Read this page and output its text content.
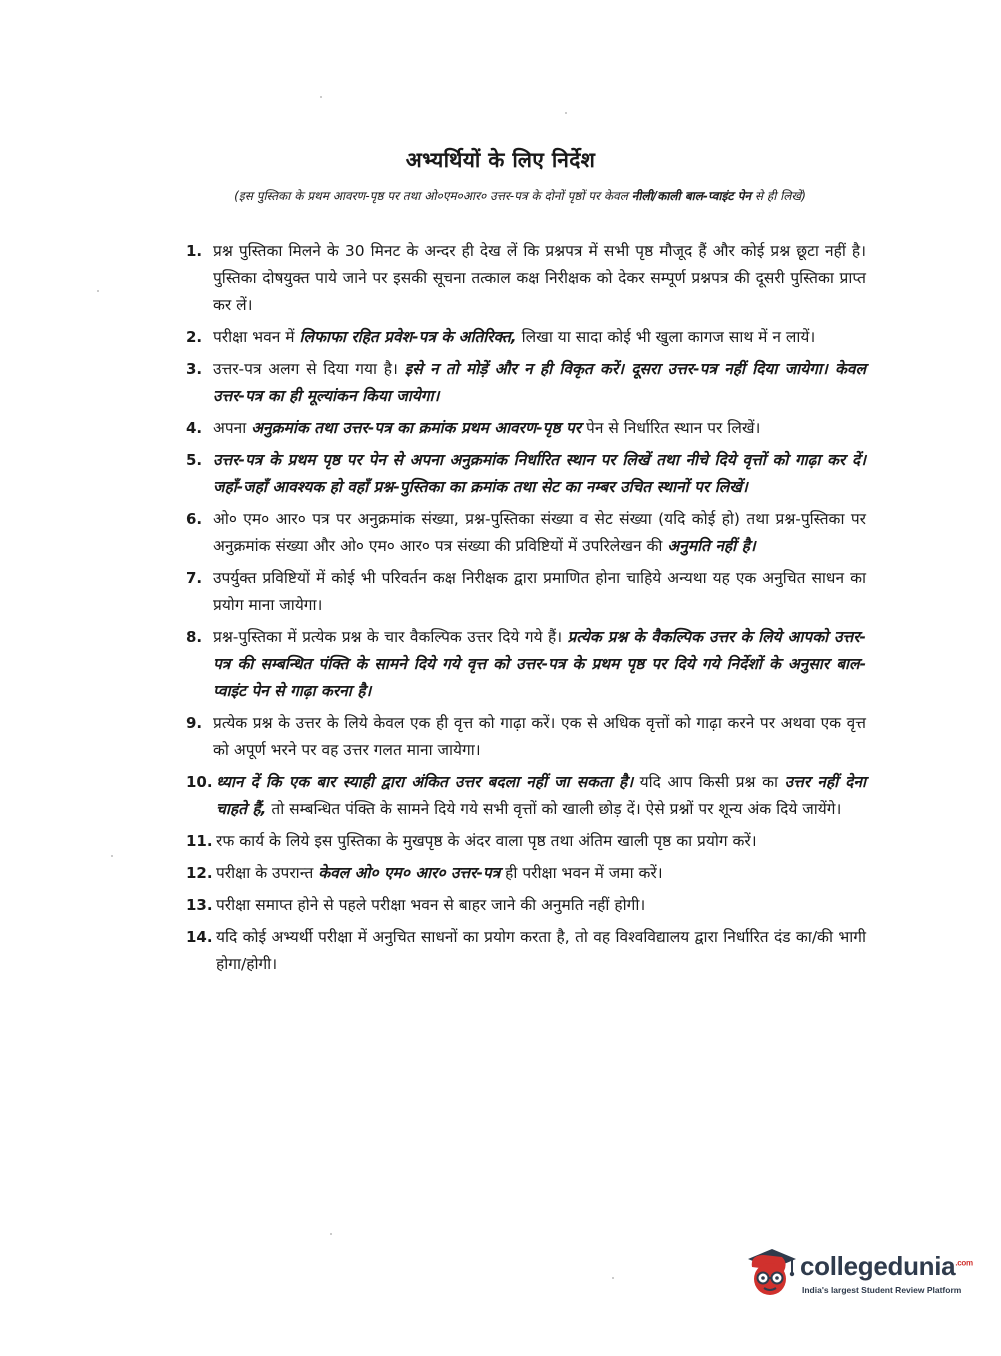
अभ्यर्थियों के लिए निर्देश
(इस पुस्तिका के प्रथम आवरण-पृष्ठ पर तथा ओ०एम०आर० उत्तर-पत्र के दोनों पृष्ठों पर केवल नीली/काली बाल-प्वाइंट पेन से ही लिखें)
1. प्रश्न पुस्तिका मिलने के 30 मिनट के अन्दर ही देख लें कि प्रश्नपत्र में सभी पृष्ठ मौजूद हैं और कोई प्रश्न छूटा नहीं है। पुस्तिका दोषयुक्त पाये जाने पर इसकी सूचना तत्काल कक्ष निरीक्षक को देकर सम्पूर्ण प्रश्नपत्र की दूसरी पुस्तिका प्राप्त कर लें।
2. परीक्षा भवन में लिफाफा रहित प्रवेश-पत्र के अतिरिक्त, लिखा या सादा कोई भी खुला कागज साथ में न लायें।
3. उत्तर-पत्र अलग से दिया गया है। इसे न तो मोड़ें और न ही विकृत करें। दूसरा उत्तर-पत्र नहीं दिया जायेगा। केवल उत्तर-पत्र का ही मूल्यांकन किया जायेगा।
4. अपना अनुक्रमांक तथा उत्तर-पत्र का क्रमांक प्रथम आवरण-पृष्ठ पर पेन से निर्धारित स्थान पर लिखें।
5. उत्तर-पत्र के प्रथम पृष्ठ पर पेन से अपना अनुक्रमांक निर्धारित स्थान पर लिखें तथा नीचे दिये वृत्तों को गाढ़ा कर दें। जहाँ-जहाँ आवश्यक हो वहाँ प्रश्न-पुस्तिका का क्रमांक तथा सेट का नम्बर उचित स्थानों पर लिखें।
6. ओ० एम० आर० पत्र पर अनुक्रमांक संख्या, प्रश्न-पुस्तिका संख्या व सेट संख्या (यदि कोई हो) तथा प्रश्न-पुस्तिका पर अनुक्रमांक संख्या और ओ० एम० आर० पत्र संख्या की प्रविष्टियों में उपरिलेखन की अनुमति नहीं है।
7. उपर्युक्त प्रविष्टियों में कोई भी परिवर्तन कक्ष निरीक्षक द्वारा प्रमाणित होना चाहिये अन्यथा यह एक अनुचित साधन का प्रयोग माना जायेगा।
8. प्रश्न-पुस्तिका में प्रत्येक प्रश्न के चार वैकल्पिक उत्तर दिये गये हैं। प्रत्येक प्रश्न के वैकल्पिक उत्तर के लिये आपको उत्तर-पत्र की सम्बन्धित पंक्ति के सामने दिये गये वृत्त को उत्तर-पत्र के प्रथम पृष्ठ पर दिये गये निर्देशों के अनुसार बाल-प्वाइंट पेन से गाढ़ा करना है।
9. प्रत्येक प्रश्न के उत्तर के लिये केवल एक ही वृत्त को गाढ़ा करें। एक से अधिक वृत्तों को गाढ़ा करने पर अथवा एक वृत्त को अपूर्ण भरने पर वह उत्तर गलत माना जायेगा।
10. ध्यान दें कि एक बार स्याही द्वारा अंकित उत्तर बदला नहीं जा सकता है। यदि आप किसी प्रश्न का उत्तर नहीं देना चाहते हैं, तो सम्बन्धित पंक्ति के सामने दिये गये सभी वृत्तों को खाली छोड़ दें। ऐसे प्रश्नों पर शून्य अंक दिये जायेंगे।
11. रफ कार्य के लिये इस पुस्तिका के मुखपृष्ठ के अंदर वाला पृष्ठ तथा अंतिम खाली पृष्ठ का प्रयोग करें।
12. परीक्षा के उपरान्त केवल ओ० एम० आर० उत्तर-पत्र ही परीक्षा भवन में जमा करें।
13. परीक्षा समाप्त होने से पहले परीक्षा भवन से बाहर जाने की अनुमति नहीं होगी।
14. यदि कोई अभ्यर्थी परीक्षा में अनुचित साधनों का प्रयोग करता है, तो वह विश्वविद्यालय द्वारा निर्धारित दंड का/की भागी होगा/होगी।
collegedunia$^{.com}$
India's largest Student Review Platform
